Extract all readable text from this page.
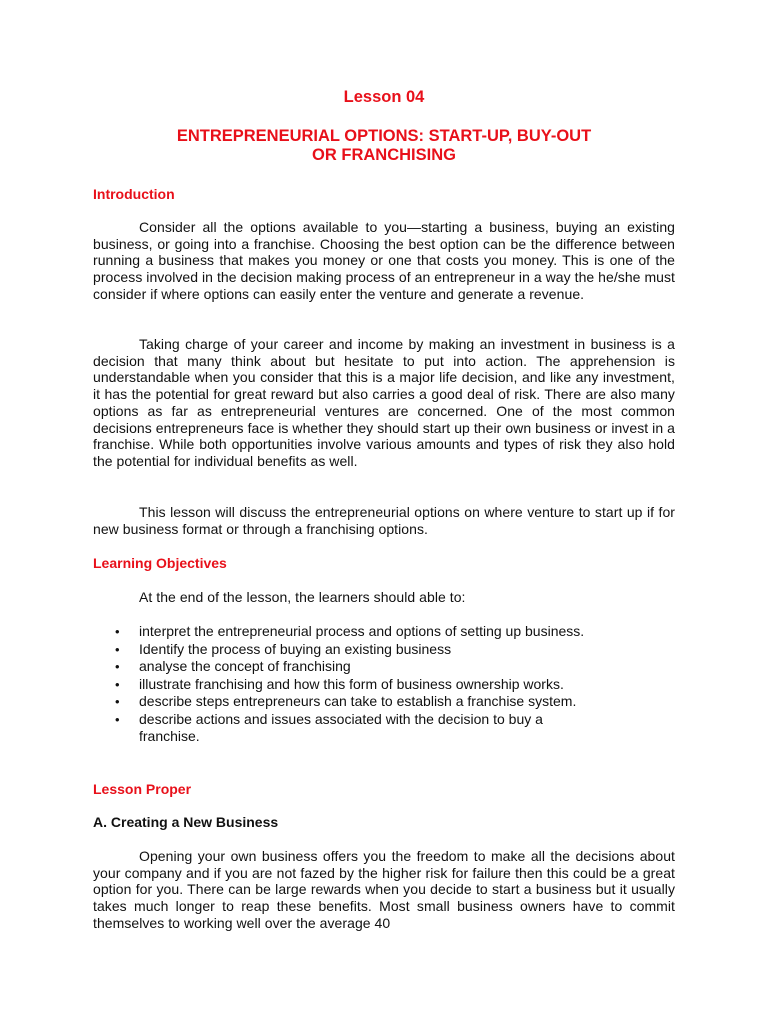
Lesson 04
ENTREPRENEURIAL OPTIONS: START-UP, BUY-OUT
OR FRANCHISING
Introduction

Consider all the options available to you—starting a business, buying an existing business, or going into a franchise. Choosing the best option can be the difference between running a business that makes you money or one that costs you money. This is one of the process involved in the decision making process of an entrepreneur in a way the he/she must consider if where options can easily enter the venture and generate a revenue.

Taking charge of your career and income by making an investment in business is a decision that many think about but hesitate to put into action. The apprehension is understandable when you consider that this is a major life decision, and like any investment, it has the potential for great reward but also carries a good deal of risk. There are also many options as far as entrepreneurial ventures are concerned. One of the most common decisions entrepreneurs face is whether they should start up their own business or invest in a franchise. While both opportunities involve various amounts and types of risk they also hold the potential for individual benefits as well.

This lesson will discuss the entrepreneurial options on where venture to start up if for new business format or through a franchising options.

Learning Objectives

At the end of the lesson, the learners should able to:

• interpret the entrepreneurial process and options of setting up business.
• Identify the process of buying an existing business
• analyse the concept of franchising
• illustrate franchising and how this form of business ownership works.
• describe steps entrepreneurs can take to establish a franchise system.
• describe actions and issues associated with the decision to buy a franchise.
Lesson Proper
A. Creating a New Business

Opening your own business offers you the freedom to make all the decisions about your company and if you are not fazed by the higher risk for failure then this could be a great option for you. There can be large rewards when you decide to start a business but it usually takes much longer to reap these benefits. Most small business owners have to commit themselves to working well over the average 40
